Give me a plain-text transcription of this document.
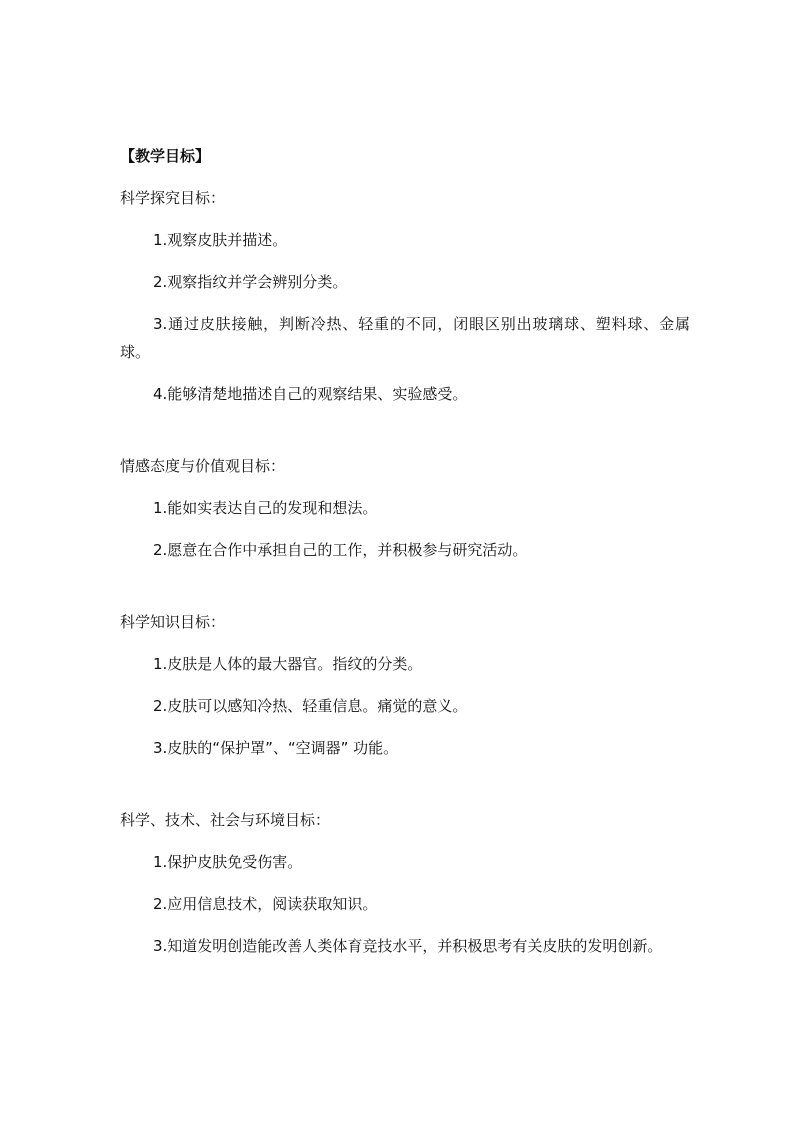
【教学目标】

科学探究目标：

1.观察皮肤并描述。

2.观察指纹并学会辨别分类。

3.通过皮肤接触，判断冷热、轻重的不同，闭眼区别出玻璃球、塑料球、金属球。

4.能够清楚地描述自己的观察结果、实验感受。

情感态度与价值观目标：

1.能如实表达自己的发现和想法。

2.愿意在合作中承担自己的工作，并积极参与研究活动。

科学知识目标：

1.皮肤是人体的最大器官。指纹的分类。

2.皮肤可以感知冷热、轻重信息。痛觉的意义。

3.皮肤的“保护罩”、“空调器” 功能。

科学、技术、社会与环境目标：

1.保护皮肤免受伤害。

2.应用信息技术，阅读获取知识。

3.知道发明创造能改善人类体育竞技水平，并积极思考有关皮肤的发明创新。
